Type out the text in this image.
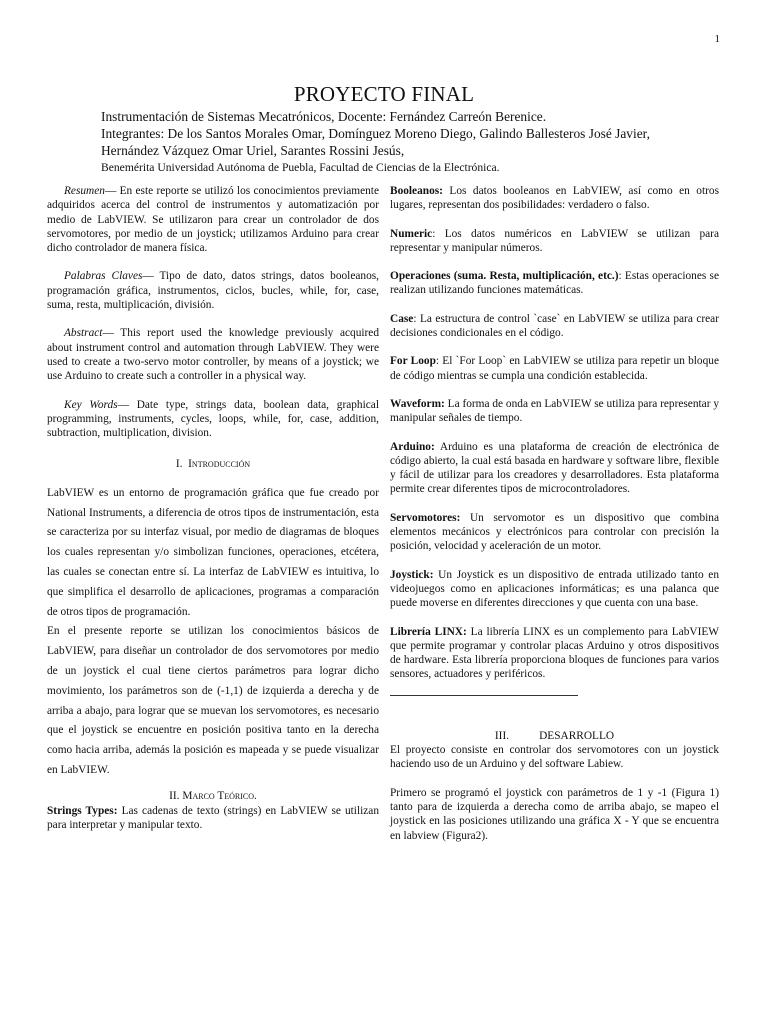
1
PROYECTO FINAL
Instrumentación de Sistemas Mecatrónicos, Docente: Fernández Carreón Berenice.
Integrantes: De los Santos Morales Omar, Domínguez Moreno Diego, Galindo Ballesteros José Javier,
Hernández Vázquez Omar Uriel, Sarantes Rossini Jesús,
Benemérita Universidad Autónoma de Puebla, Facultad de Ciencias de la Electrónica.

Resumen— En este reporte se utilizó los conocimientos previamente adquiridos acerca del control de instrumentos y automatización por medio de LabVIEW. Se utilizaron para crear un controlador de dos servomotores, por medio de un joystick; utilizamos Arduino para crear dicho controlador de manera física.

Palabras Claves— Tipo de dato, datos strings, datos booleanos, programación gráfica, instrumentos, ciclos, bucles, while, for, case, suma, resta, multiplicación, división.

Abstract— This report used the knowledge previously acquired about instrument control and automation through LabVIEW. They were used to create a two-servo motor controller, by means of a joystick; we use Arduino to create such a controller in a physical way.

Key Words— Date type, strings data, boolean data, graphical programming, instruments, cycles, loops, while, for, case, addition, subtraction, multiplication, division.

I. Introducción

LabVIEW es un entorno de programación gráfica que fue creado por National Instruments, a diferencia de otros tipos de instrumentación, esta se caracteriza por su interfaz visual, por medio de diagramas de bloques los cuales representan y/o simbolizan funciones, operaciones, etcétera, las cuales se conectan entre sí. La interfaz de LabVIEW es intuitiva, lo que simplifica el desarrollo de aplicaciones, programas a comparación de otros tipos de programación.

En el presente reporte se utilizan los conocimientos básicos de LabVIEW, para diseñar un controlador de dos servomotores por medio de un joystick el cual tiene ciertos parámetros para lograr dicho movimiento, los parámetros son de (-1,1) de izquierda a derecha y de arriba a abajo, para lograr que se muevan los servomotores, es necesario que el joystick se encuentre en posición positiva tanto en la derecha como hacia arriba, además la posición es mapeada y se puede visualizar en LabVIEW.

II. Marco Teórico.

Strings Types: Las cadenas de texto (strings) en LabVIEW se utilizan para interpretar y manipular texto.

Booleanos: Los datos booleanos en LabVIEW, así como en otros lugares, representan dos posibilidades: verdadero o falso.

Numeric: Los datos numéricos en LabVIEW se utilizan para representar y manipular números.

Operaciones (suma. Resta, multiplicación, etc.): Estas operaciones se realizan utilizando funciones matemáticas.

Case: La estructura de control `case` en LabVIEW se utiliza para crear decisiones condicionales en el código.

For Loop: El `For Loop` en LabVIEW se utiliza para repetir un bloque de código mientras se cumpla una condición establecida.

Waveform: La forma de onda en LabVIEW se utiliza para representar y manipular señales de tiempo.

Arduino: Arduino es una plataforma de creación de electrónica de código abierto, la cual está basada en hardware y software libre, flexible y fácil de utilizar para los creadores y desarrolladores. Esta plataforma permite crear diferentes tipos de microcontroladores.

Servomotores: Un servomotor es un dispositivo que combina elementos mecánicos y electrónicos para controlar con precisión la posición, velocidad y aceleración de un motor.

Joystick: Un Joystick es un dispositivo de entrada utilizado tanto en videojuegos como en aplicaciones informáticas; es una palanca que puede moverse en diferentes direcciones y que cuenta con una base.

Librería LINX: La librería LINX es un complemento para LabVIEW que permite programar y controlar placas Arduino y otros dispositivos de hardware. Esta librería proporciona bloques de funciones para varios sensores, actuadores y periféricos.

III.	DESARROLLO

El proyecto consiste en controlar dos servomotores con un joystick haciendo uso de un Arduino y del software Labiew.

Primero se programó el joystick con parámetros de 1 y -1 (Figura 1) tanto para de izquierda a derecha como de arriba abajo, se mapeo el joystick en las posiciones utilizando una gráfica X - Y que se encuentra en labview (Figura2).
